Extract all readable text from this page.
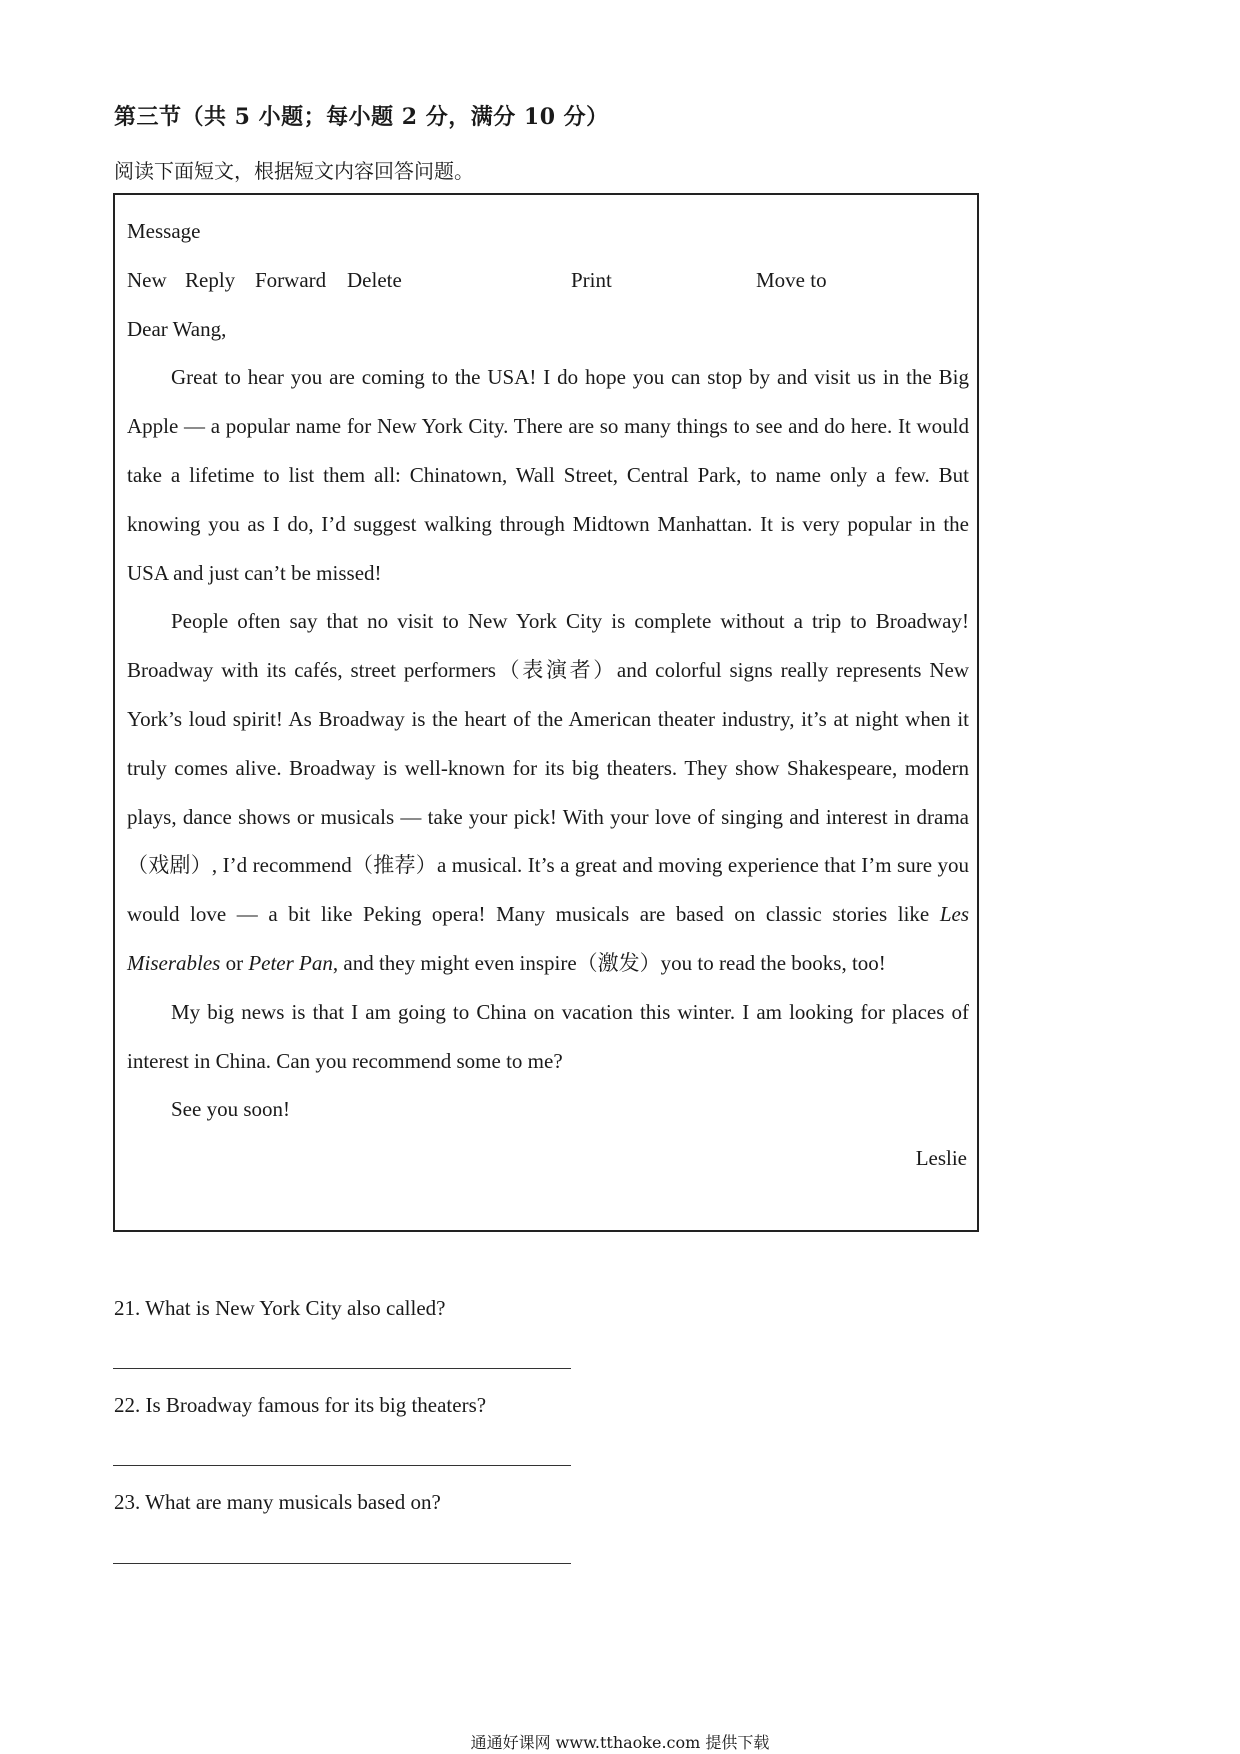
第三节（共 5 小题；每小题 2 分，满分 10 分）
阅读下面短文，根据短文内容回答问题。
Message
New Reply Forward Delete	Print	Move to
Dear Wang,
Great to hear you are coming to the USA! I do hope you can stop by and visit us in the Big Apple — a popular name for New York City. There are so many things to see and do here. It would take a lifetime to list them all: Chinatown, Wall Street, Central Park, to name only a few. But knowing you as I do, I’d suggest walking through Midtown Manhattan. It is very popular in the USA and just can’t be missed!
People often say that no visit to New York City is complete without a trip to Broadway! Broadway with its cafés, street performers（表演者）and colorful signs really represents New York’s loud spirit! As Broadway is the heart of the American theater industry, it’s at night when it truly comes alive. Broadway is well-known for its big theaters. They show Shakespeare, modern plays, dance shows or musicals — take your pick! With your love of singing and interest in drama（戏剧）, I’d recommend（推荐）a musical. It’s a great and moving experience that I’m sure you would love — a bit like Peking opera! Many musicals are based on classic stories like Les Miserables or Peter Pan, and they might even inspire（激发）you to read the books, too!
My big news is that I am going to China on vacation this winter. I am looking for places of interest in China. Can you recommend some to me?
See you soon!
Leslie
21. What is New York City also called?
22. Is Broadway famous for its big theaters?
23. What are many musicals based on?
通通好课网 www.tthaoke.com 提供下载
